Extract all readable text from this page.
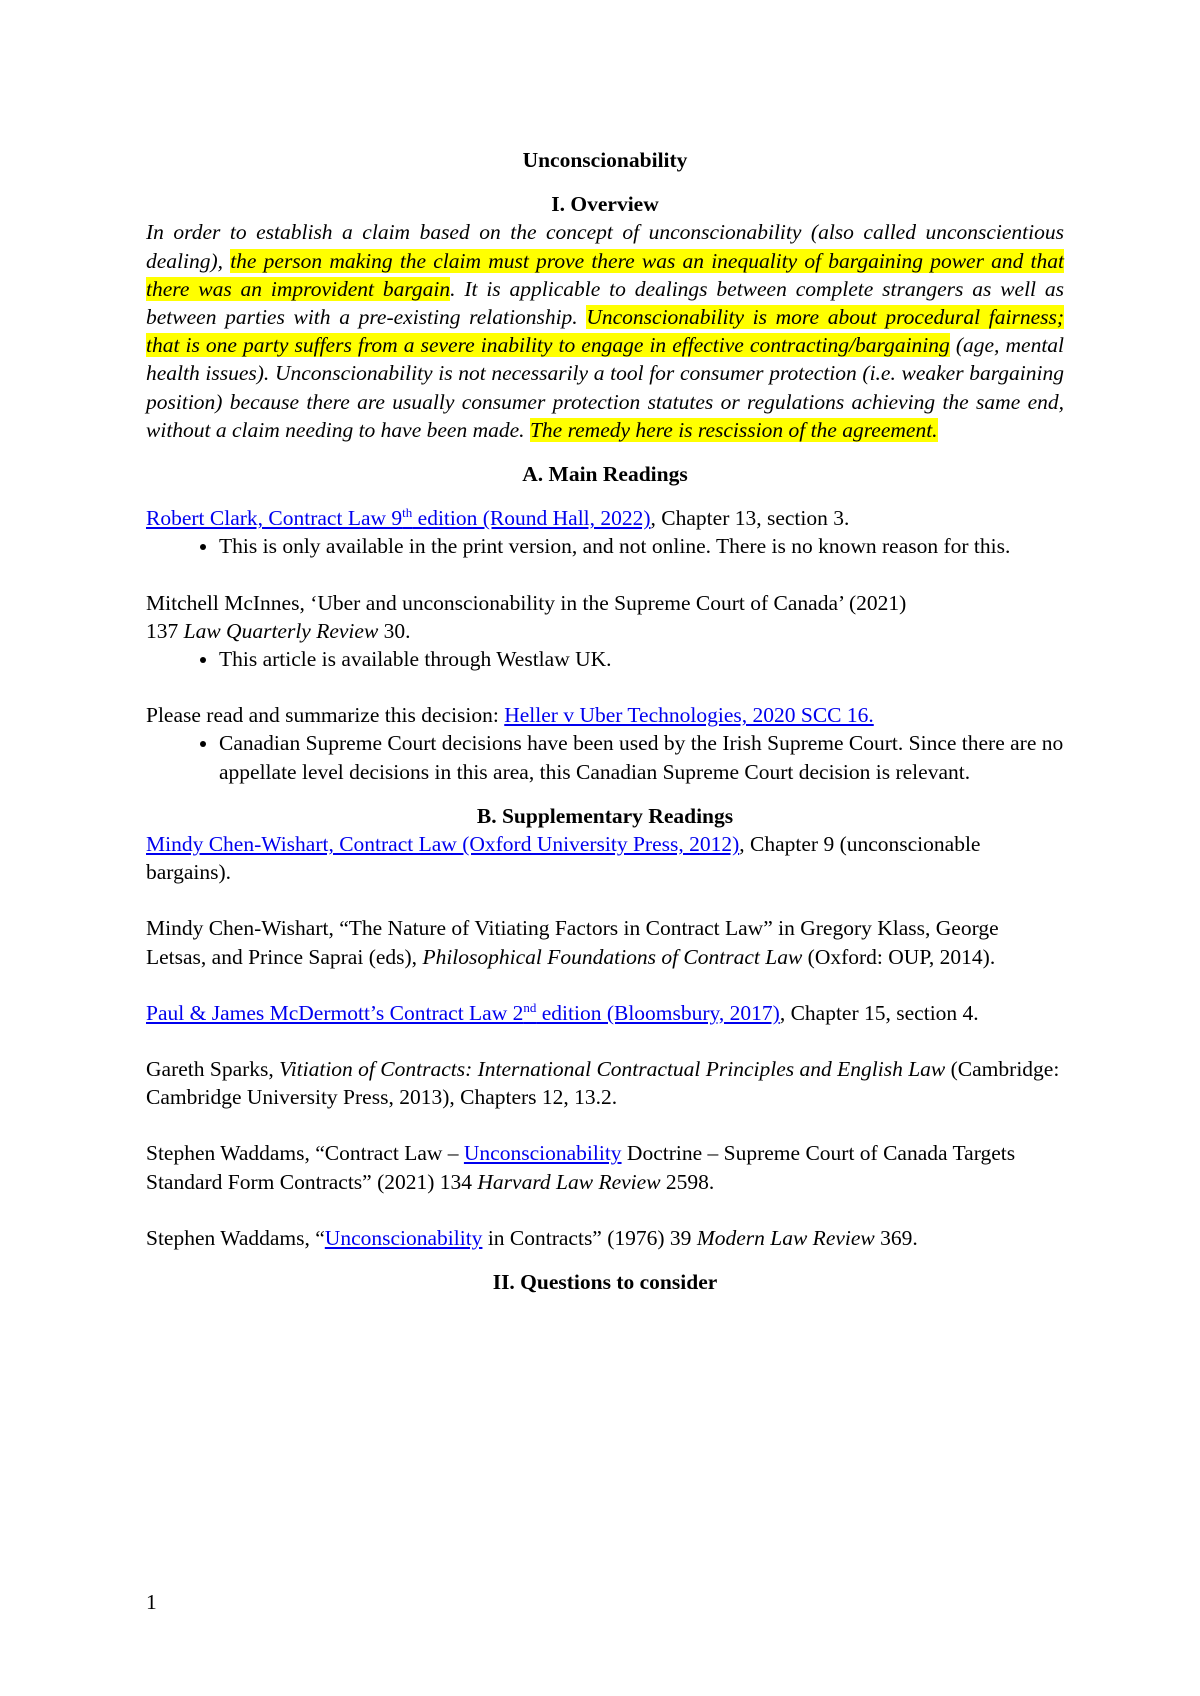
Unconscionability

I. Overview

In order to establish a claim based on the concept of unconscionability (also called unconscientious dealing), the person making the claim must prove there was an inequality of bargaining power and that there was an improvident bargain. It is applicable to dealings between complete strangers as well as between parties with a pre-existing relationship. Unconscionability is more about procedural fairness; that is one party suffers from a severe inability to engage in effective contracting/bargaining (age, mental health issues). Unconscionability is not necessarily a tool for consumer protection (i.e. weaker bargaining position) because there are usually consumer protection statutes or regulations achieving the same end, without a claim needing to have been made. The remedy here is rescission of the agreement.

A. Main Readings

Robert Clark, Contract Law 9th edition (Round Hall, 2022), Chapter 13, section 3.

• This is only available in the print version, and not online. There is no known reason for this.

Mitchell McInnes, ‘Uber and unconscionability in the Supreme Court of Canada’ (2021)
137 Law Quarterly Review 30.

• This article is available through Westlaw UK.

Please read and summarize this decision: Heller v Uber Technologies, 2020 SCC 16.

• Canadian Supreme Court decisions have been used by the Irish Supreme Court. Since there are no appellate level decisions in this area, this Canadian Supreme Court decision is relevant.

B. Supplementary Readings

Mindy Chen-Wishart, Contract Law (Oxford University Press, 2012), Chapter 9 (unconscionable bargains).

Mindy Chen-Wishart, “The Nature of Vitiating Factors in Contract Law” in Gregory Klass, George Letsas, and Prince Saprai (eds), Philosophical Foundations of Contract Law (Oxford: OUP, 2014).

Paul & James McDermott’s Contract Law 2nd edition (Bloomsbury, 2017), Chapter 15, section 4.

Gareth Sparks, Vitiation of Contracts: International Contractual Principles and English Law (Cambridge: Cambridge University Press, 2013), Chapters 12, 13.2.

Stephen Waddams, “Contract Law – Unconscionability Doctrine – Supreme Court of Canada Targets Standard Form Contracts” (2021) 134 Harvard Law Review 2598.

Stephen Waddams, “Unconscionability in Contracts” (1976) 39 Modern Law Review 369.

II. Questions to consider

1
